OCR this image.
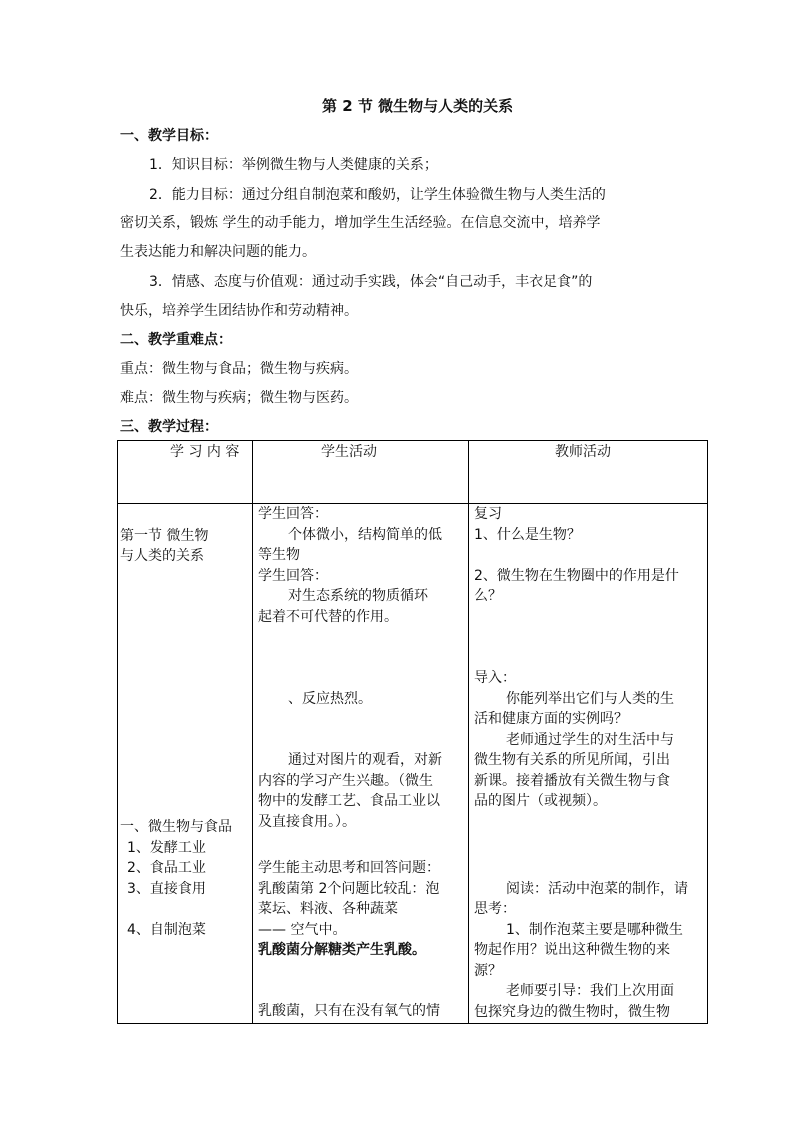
第 2 节 微生物与人类的关系
一、教学目标：
1．知识目标：举例微生物与人类健康的关系；
2．能力目标：通过分组自制泡菜和酸奶，让学生体验微生物与人类生活的
密切关系，锻炼 学生的动手能力，增加学生生活经验。在信息交流中，培养学
生表达能力和解决问题的能力。
3．情感、态度与价值观：通过动手实践，体会“自己动手，丰衣足食”的
快乐，培养学生团结协作和劳动精神。
二、教学重难点：
重点：微生物与食品；微生物与疾病。
难点：微生物与疾病；微生物与医药。
三、教学过程：
学 习 内 容	学生活动	教师活动
第一节 微生物
与人类的关系
一、微生物与食品
1、发酵工业
2、食品工业
3、直接食用
4、自制泡菜
学生回答：
个体微小，结构简单的低
等生物
学生回答：
对生态系统的物质循环
起着不可代替的作用。
、反应热烈。
通过对图片的观看，对新
内容的学习产生兴趣。（微生
物中的发酵工艺、食品工业以
及直接食用。）。
学生能主动思考和回答问题：
乳酸菌第 2个问题比较乱：泡
菜坛、料液、各种蔬菜
—— 空气中。
乳酸菌分解糖类产生乳酸。
乳酸菌，只有在没有氧气的情
复习
1、什么是生物？
2、微生物在生物圈中的作用是什
么？
导入：
你能列举出它们与人类的生
活和健康方面的实例吗？
老师通过学生的对生活中与
微生物有关系的所见所闻，引出
新课。接着播放有关微生物与食
品的图片（或视频）。
阅读：活动中泡菜的制作，请
思考：
1、制作泡菜主要是哪种微生
物起作用？说出这种微生物的来
源？
老师要引导：我们上次用面
包探究身边的微生物时，微生物
